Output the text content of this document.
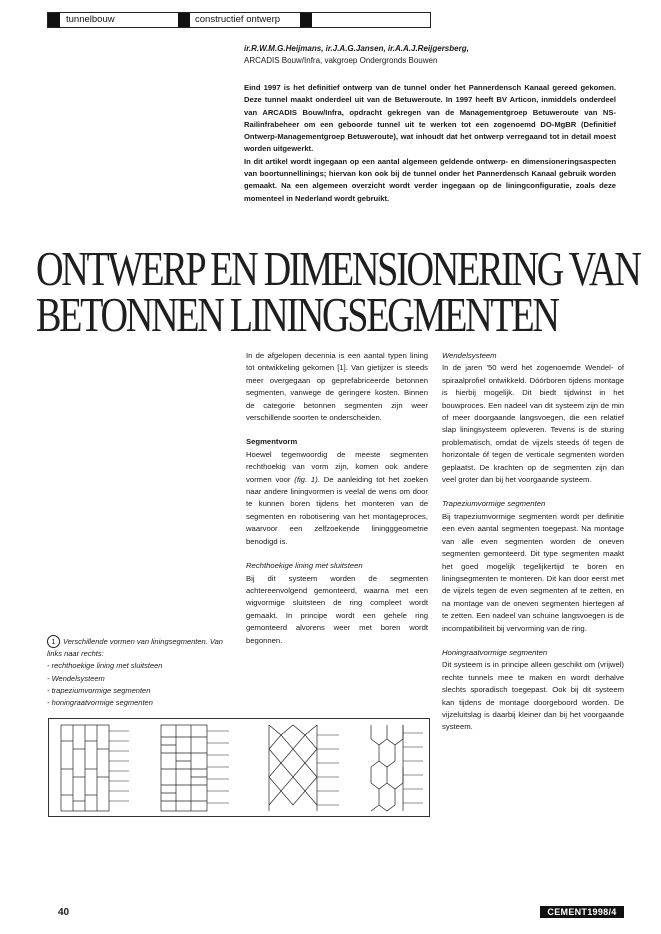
tunnelbouw	constructief ontwerp
ir.R.W.M.G.Heijmans, ir.J.A.G.Jansen, ir.A.A.J.Reijgersberg,
ARCADIS Bouw/Infra, vakgroep Ondergronds Bouwen

Eind 1997 is het definitief ontwerp van de tunnel onder het Pannerdensch Kanaal gereed gekomen. Deze tunnel maakt onderdeel uit van de Betuweroute. In 1997 heeft BV Articon, inmiddels onderdeel van ARCADIS Bouw/Infra, opdracht gekregen van de Managementgroep Betuweroute van NS-Railinfrabeheer om een geboorde tunnel uit te werken tot een zogenoemd DO-MgBR (Definitief Ontwerp-Managementgroep Betuweroute), wat inhoudt dat het ontwerp verregaand tot in detail moest worden uitgewerkt.

In dit artikel wordt ingegaan op een aantal algemeen geldende ontwerp- en dimensioneringsaspecten van boortunnellinings; hiervan kon ook bij de tunnel onder het Pannerdensch Kanaal gebruik worden gemaakt. Na een algemeen overzicht wordt verder ingegaan op de liningconfiguratie, zoals deze momenteel in Nederland wordt gebruikt.

ONTWERP EN DIMENSIONERING VAN
BETONNEN LININGSEGMENTEN

In de afgelopen decennia is een aantal typen lining tot ontwikkeling gekomen [1]. Van gietijzer is steeds meer overgegaan op geprefabriceerde betonnen segmenten, vanwege de geringere kosten. Binnen de categorie betonnen segmenten zijn weer verschillende soorten te onderscheiden.

Segmentvorm

Hoewel tegenwoordig de meeste segmenten rechthoekig van vorm zijn, komen ook andere vormen voor (fig. 1). De aanleiding tot het zoeken naar andere liningvormen is veelal de wens om door te kunnen boren tijdens het monteren van de segmenten en robotisering van het montageproces, waarvoor een zelfzoekende liningggeometrie benodigd is.

Rechthoekige lining met sluitsteen

Bij dit systeem worden de segmenten achtereenvolgend gemonteerd, waarna met een wigvormige sluitsteen de ring compleet wordt gemaakt. In principe wordt een gehele ring gemonteerd alvorens weer met boren wordt begonnen.

Wendelsysteem

In de jaren '50 werd het zogenoemde Wendel- of spiraalprofiel ontwikkeld. Dóórboren tijdens montage is hierbij mogelijk. Dit biedt tijdwinst in het bouwproces. Een nadeel van dit systeem zijn de min of meer doorgaande langsvoegen, die een relatief slap liningsysteem opleveren. Tevens is de sturing problematisch, omdat de vijzels steeds óf tegen de horizontale óf tegen de verticale segmenten worden geplaatst. De krachten op de segmenten zijn dan veel groter dan bij het voorgaande systeem.

Trapeziumvormige segmenten

Bij trapeziumvormige segmenten wordt per definitie een even aantal segmenten toegepast. Na montage van alle even segmenten worden de oneven segmenten gemonteerd. Dit type segmenten maakt het goed mogelijk tegelijkertijd te boren en liningsegmenten te monteren. Dit kan door eerst met de vijzels tegen de even segmenten af te zetten, en na montage van de oneven segmenten hiertegen af te zetten. Een nadeel van schuine langsvoegen is de incompatibiliteit bij vervorming van de ring.

Honingraatvormige segmenten

Dit systeem is in principe alleen geschikt om (vrijwel) rechte tunnels mee te maken en wordt derhalve slechts sporadisch toegepast. Ook bij dit systeem kan tijdens de montage doorgeboord worden. De vijzeluitslag is daarbij kleiner dan bij het voorgaande systeem.

1 Verschillende vormen van liningsegmenten. Van links naar rechts:
- rechthoekige lining met sluitsteen
- Wendelsysteem
- trapeziumvormige segmenten
- honingraatvormige segmenten
40	CEMENT1998/4
